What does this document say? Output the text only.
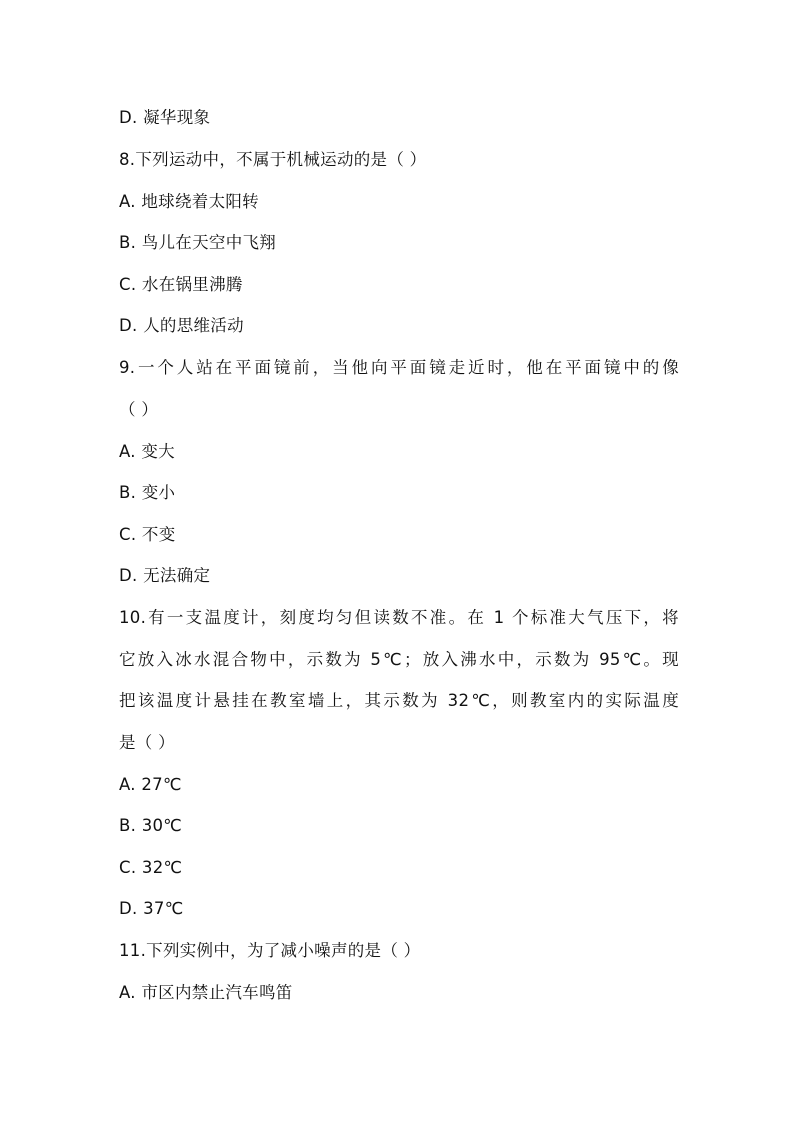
D. 凝华现象
8.下列运动中，不属于机械运动的是（ ）
A. 地球绕着太阳转
B. 鸟儿在天空中飞翔
C. 水在锅里沸腾
D. 人的思维活动
9.一个人站在平面镜前，当他向平面镜走近时，他在平面镜中的像
（ ）
A. 变大
B. 变小
C. 不变
D. 无法确定
10.有一支温度计，刻度均匀但读数不准。在 1 个标准大气压下，将
它放入冰水混合物中，示数为 5℃；放入沸水中，示数为 95℃。现
把该温度计悬挂在教室墙上，其示数为 32℃，则教室内的实际温度
是（ ）
A. 27℃
B. 30℃
C. 32℃
D. 37℃
11.下列实例中，为了减小噪声的是（ ）
A. 市区内禁止汽车鸣笛
